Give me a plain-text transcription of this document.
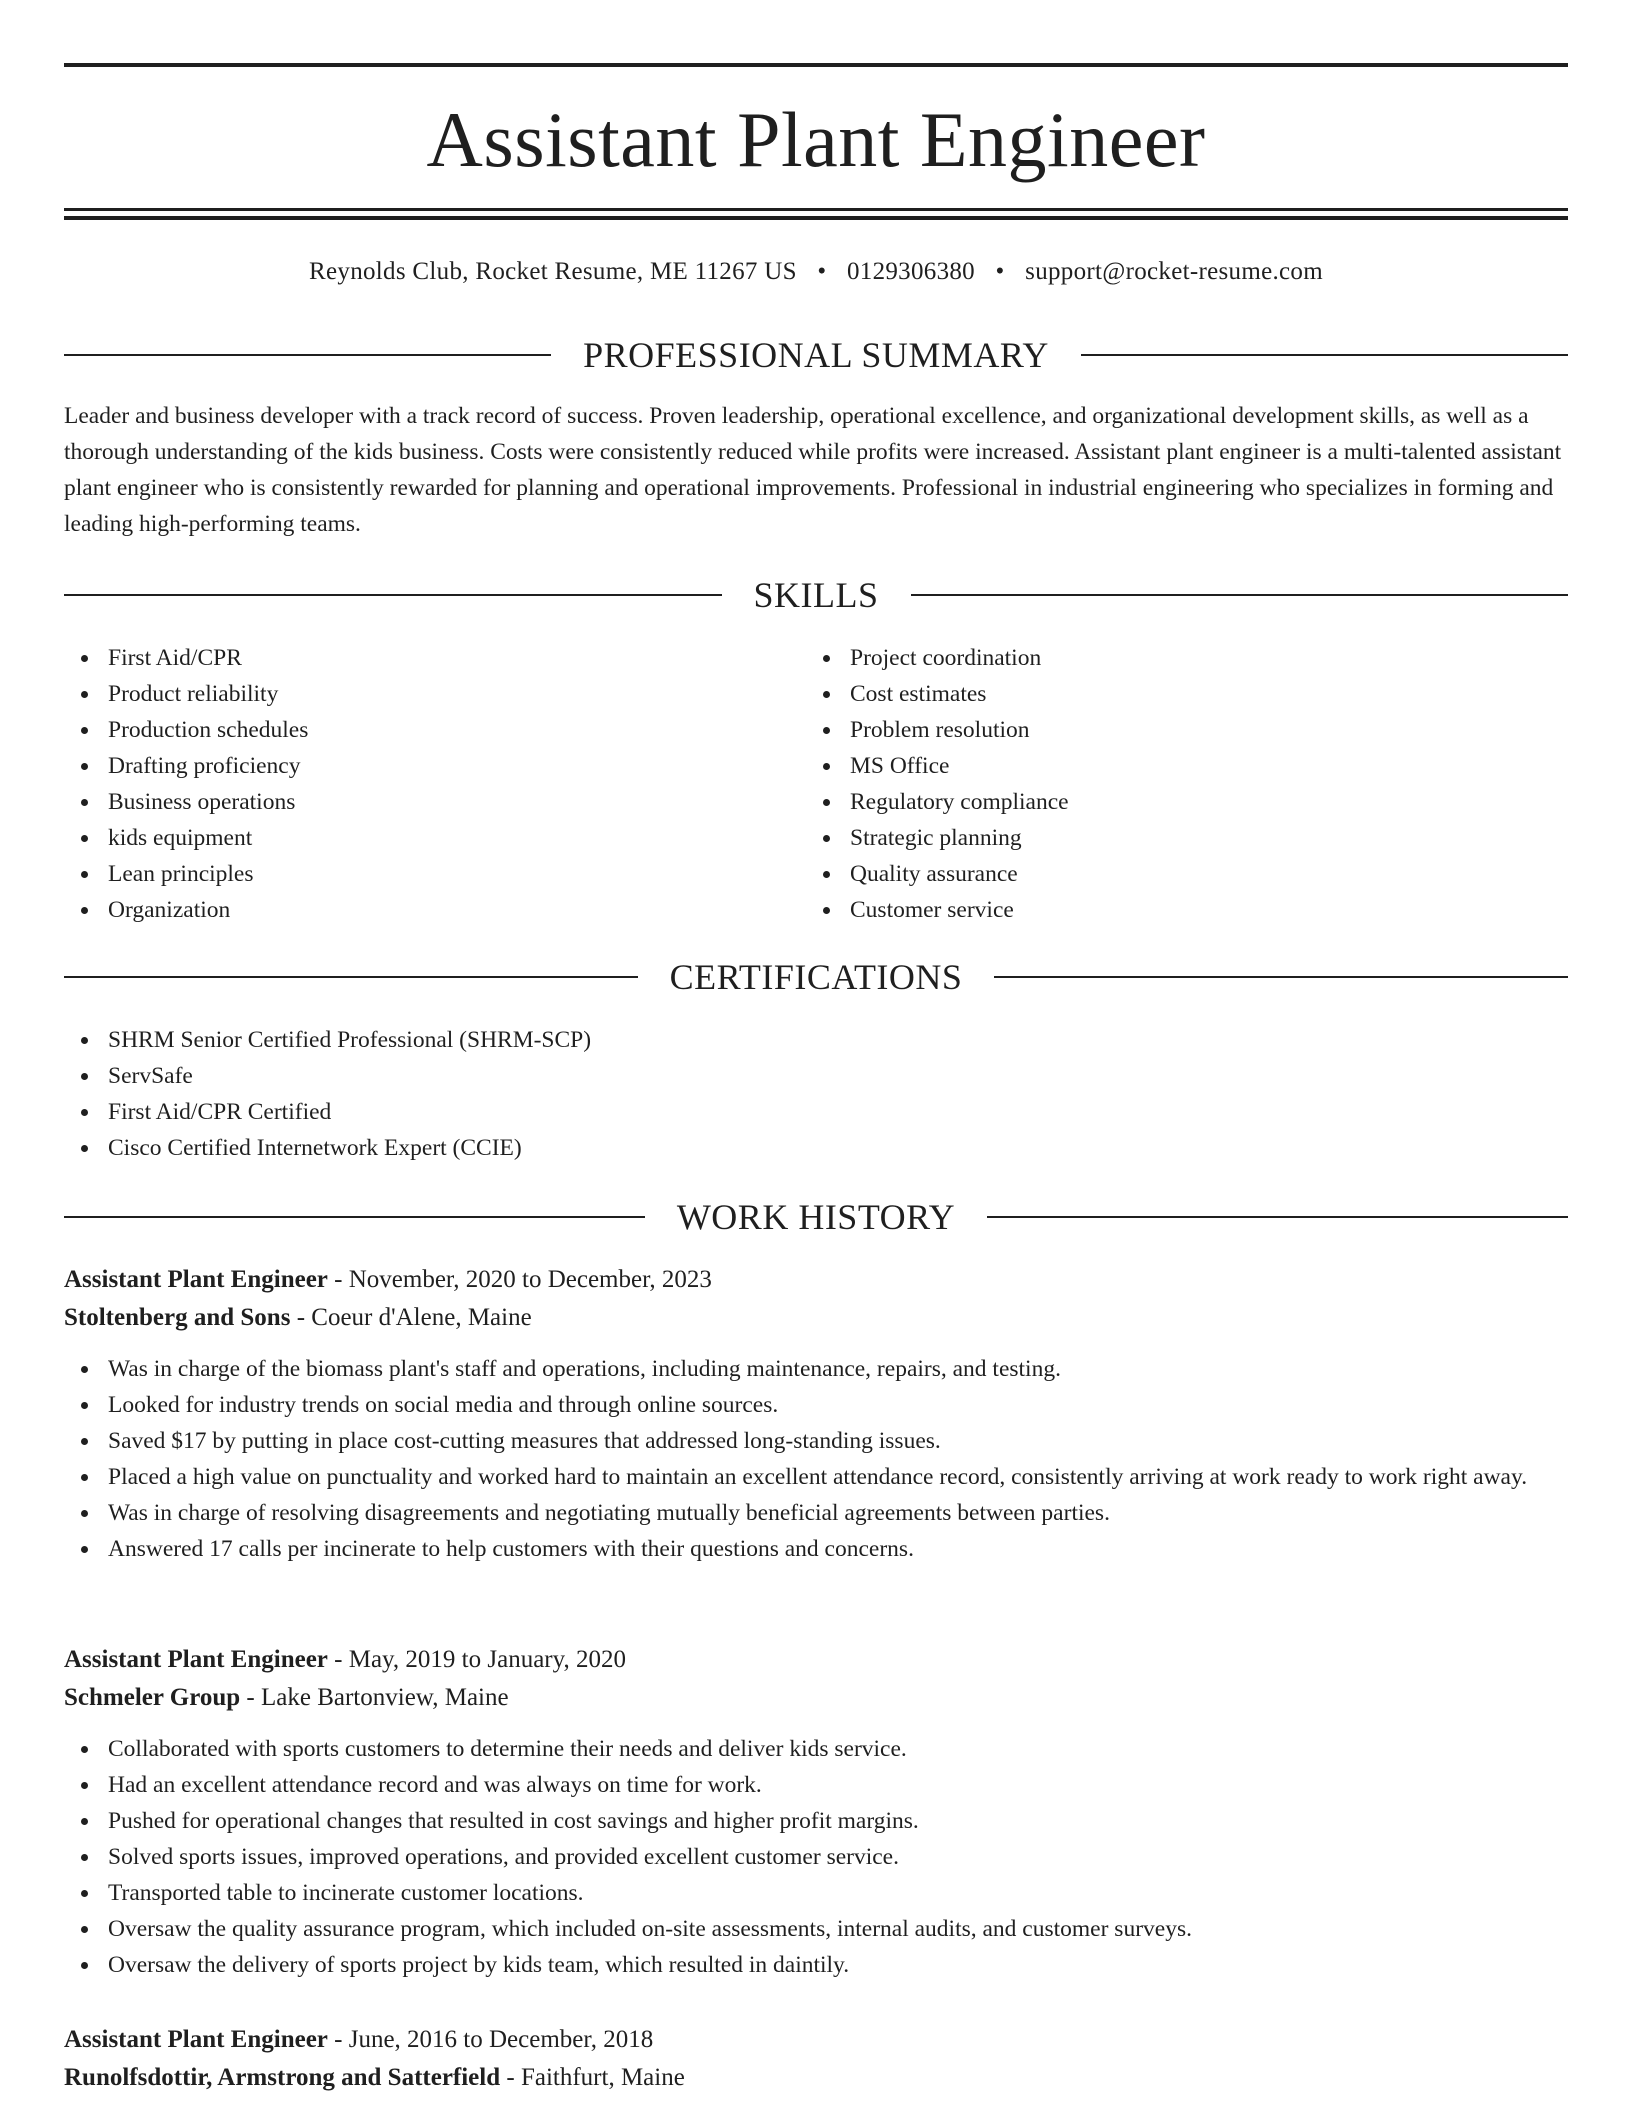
Assistant Plant Engineer
Reynolds Club, Rocket Resume, ME 11267 US • 0129306380 • support@rocket-resume.com
PROFESSIONAL SUMMARY

Leader and business developer with a track record of success. Proven leadership, operational excellence, and organizational development skills, as well as a thorough understanding of the kids business. Costs were consistently reduced while profits were increased. Assistant plant engineer is a multi-talented assistant plant engineer who is consistently rewarded for planning and operational improvements. Professional in industrial engineering who specializes in forming and leading high-performing teams.

SKILLS
First Aid/CPR
Product reliability
Production schedules
Drafting proficiency
Business operations
kids equipment
Lean principles
Organization
Project coordination
Cost estimates
Problem resolution
MS Office
Regulatory compliance
Strategic planning
Quality assurance
Customer service
CERTIFICATIONS
SHRM Senior Certified Professional (SHRM-SCP)
ServSafe
First Aid/CPR Certified
Cisco Certified Internetwork Expert (CCIE)
WORK HISTORY

Assistant Plant Engineer - November, 2020 to December, 2023

Stoltenberg and Sons - Coeur d'Alene, Maine

Was in charge of the biomass plant's staff and operations, including maintenance, repairs, and testing.
Looked for industry trends on social media and through online sources.
Saved $17 by putting in place cost-cutting measures that addressed long-standing issues.
Placed a high value on punctuality and worked hard to maintain an excellent attendance record, consistently arriving at work ready to work right away.
Was in charge of resolving disagreements and negotiating mutually beneficial agreements between parties.
Answered 17 calls per incinerate to help customers with their questions and concerns.

Assistant Plant Engineer - May, 2019 to January, 2020

Schmeler Group - Lake Bartonview, Maine

Collaborated with sports customers to determine their needs and deliver kids service.
Had an excellent attendance record and was always on time for work.
Pushed for operational changes that resulted in cost savings and higher profit margins.
Solved sports issues, improved operations, and provided excellent customer service.
Transported table to incinerate customer locations.
Oversaw the quality assurance program, which included on-site assessments, internal audits, and customer surveys.
Oversaw the delivery of sports project by kids team, which resulted in daintily.

Assistant Plant Engineer - June, 2016 to December, 2018

Runolfsdottir, Armstrong and Satterfield - Faithfurt, Maine
